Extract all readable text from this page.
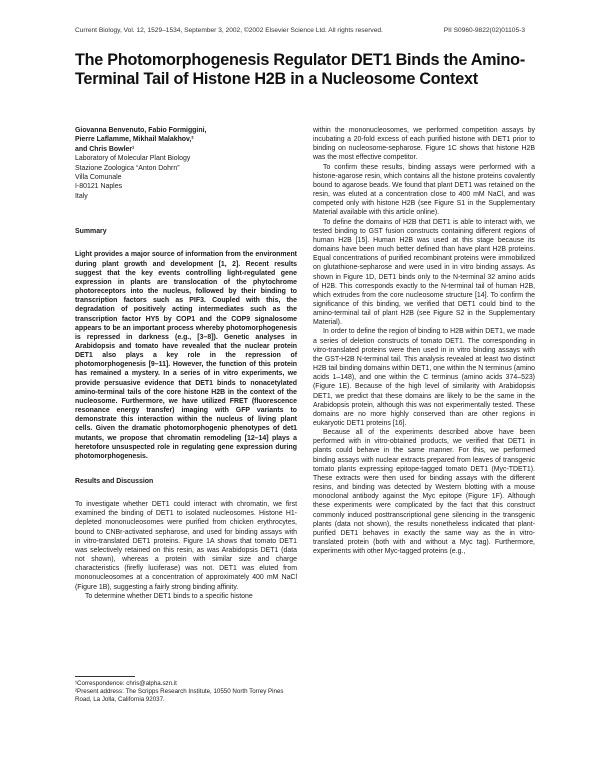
Current Biology, Vol. 12, 1529–1534, September 3, 2002, ©2002 Elsevier Science Ltd. All rights reserved.	PII S0960-9822(02)01105-3
The Photomorphogenesis Regulator DET1 Binds the Amino-Terminal Tail of Histone H2B in a Nucleosome Context
Giovanna Benvenuto, Fabio Formiggini,
Pierre Laflamme, Mikhail Malakhov,²
and Chris Bowler¹
Laboratory of Molecular Plant Biology
Stazione Zoologica “Anton Dohrn”
Villa Comunale
I-80121 Naples
Italy

Summary

Light provides a major source of information from the environment during plant growth and development [1, 2]. Recent results suggest that the key events controlling light-regulated gene expression in plants are translocation of the phytochrome photoreceptors into the nucleus, followed by their binding to transcription factors such as PIF3. Coupled with this, the degradation of positively acting intermediates such as the transcription factor HY5 by COP1 and the COP9 signalosome appears to be an important process whereby photomorphogenesis is repressed in darkness (e.g., [3–8]). Genetic analyses in Arabidopsis and tomato have revealed that the nuclear protein DET1 also plays a key role in the repression of photomorphogenesis [9–11]. However, the function of this protein has remained a mystery. In a series of in vitro experiments, we provide persuasive evidence that DET1 binds to nonacetylated amino-terminal tails of the core histone H2B in the context of the nucleosome. Furthermore, we have utilized FRET (fluorescence resonance energy transfer) imaging with GFP variants to demonstrate this interaction within the nucleus of living plant cells. Given the dramatic photomorphogenic phenotypes of det1 mutants, we propose that chromatin remodeling [12–14] plays a heretofore unsuspected role in regulating gene expression during photomorphogenesis.

Results and Discussion

To investigate whether DET1 could interact with chromatin, we first examined the binding of DET1 to isolated nucleosomes. Histone H1-depleted mononucleosomes were purified from chicken erythrocytes, bound to CNBr-activated sepharose, and used for binding assays with in vitro-translated DET1 proteins. Figure 1A shows that tomato DET1 was selectively retained on this resin, as was Arabidopsis DET1 (data not shown), whereas a protein with similar size and charge characteristics (firefly luciferase) was not. DET1 was eluted from mononucleosomes at a concentration of approximately 400 mM NaCl (Figure 1B), suggesting a fairly strong binding affinity.

To determine whether DET1 binds to a specific histone

within the mononucleosomes, we performed competition assays by incubating a 20-fold excess of each purified histone with DET1 prior to binding on nucleosome-sepharose. Figure 1C shows that histone H2B was the most effective competitor.

To confirm these results, binding assays were performed with a histone-agarose resin, which contains all the histone proteins covalently bound to agarose beads. We found that plant DET1 was retained on the resin, was eluted at a concentration close to 400 mM NaCl, and was competed only with histone H2B (see Figure S1 in the Supplementary Material available with this article online).

To define the domains of H2B that DET1 is able to interact with, we tested binding to GST fusion constructs containing different regions of human H2B [15]. Human H2B was used at this stage because its domains have been much better defined than have plant H2B proteins. Equal concentrations of purified recombinant proteins were immobilized on glutathione-sepharose and were used in in vitro binding assays. As shown in Figure 1D, DET1 binds only to the N-terminal 32 amino acids of H2B. This corresponds exactly to the N-terminal tail of human H2B, which extrudes from the core nucleosome structure [14]. To confirm the significance of this binding, we verified that DET1 could bind to the amino-terminal tail of plant H2B (see Figure S2 in the Supplementary Material).

In order to define the region of binding to H2B within DET1, we made a series of deletion constructs of tomato DET1. The corresponding in vitro-translated proteins were then used in in vitro binding assays with the GST-H2B N-terminal tail. This analysis revealed at least two distinct H2B tail binding domains within DET1, one within the N terminus (amino acids 1–148), and one within the C terminus (amino acids 374–523) (Figure 1E). Because of the high level of similarity with Arabidopsis DET1, we predict that these domains are likely to be the same in the Arabidopsis protein, although this was not experimentally tested. These domains are no more highly conserved than are other regions in eukaryotic DET1 proteins [16].

Because all of the experiments described above have been performed with in vitro-obtained products, we verified that DET1 in plants could behave in the same manner. For this, we performed binding assays with nuclear extracts prepared from leaves of transgenic tomato plants expressing epitope-tagged tomato DET1 (Myc-TDET1). These extracts were then used for binding assays with the different resins, and binding was detected by Western blotting with a mouse monoclonal antibody against the Myc epitope (Figure 1F). Although these experiments were complicated by the fact that this construct commonly induced posttranscriptional gene silencing in the transgenic plants (data not shown), the results nonetheless indicated that plant-purified DET1 behaves in exactly the same way as the in vitro-translated protein (both with and without a Myc tag). Furthermore, experiments with other Myc-tagged proteins (e.g.,

¹Correspondence: chris@alpha.szn.it

²Present address: The Scripps Research Institute, 10550 North Torrey Pines Road, La Jolla, California 92037.
